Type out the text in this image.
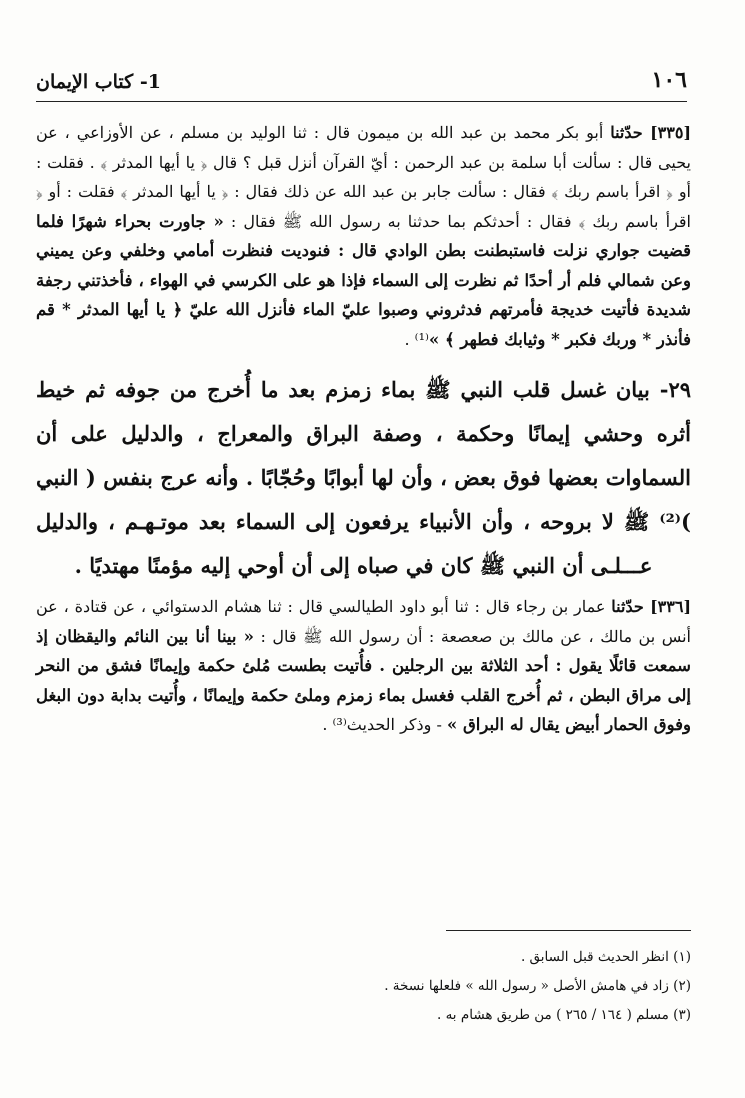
١٠٦
1- كتاب الإيمان

[٣٣٥] حدّثنا أبو بكر محمد بن عبد الله بن ميمون قال : ثنا الوليد بن مسلم ، عن الأوزاعي ، عن يحيى قال : سألت أبا سلمة بن عبد الرحمن : أيّ القرآن أنزل قبل ؟ قال ﴿ يا أيها المدثر ﴾ . فقلت : أو ﴿ اقرأ باسم ربك ﴾ فقال : سألت جابر بن عبد الله عن ذلك فقال : ﴿ يا أيها المدثر ﴾ فقلت : أو ﴿ اقرأ باسم ربك ﴾ فقال : أحدثكم بما حدثنا به رسول الله ﷺ فقال : « جاورت بحراء شهرًا فلما قضيت جواري نزلت فاستبطنت بطن الوادي قال : فنوديت فنظرت أمامي وخلفي وعن يميني وعن شمالي فلم أر أحدًا ثم نظرت إلى السماء فإذا هو على الكرسي في الهواء ، فأخذتني رجفة شديدة فأتيت خديجة فأمرتهم فدثروني وصبوا عليّ الماء فأنزل الله عليّ ﴿ يا أيها المدثر * قم فأنذر * وربك فكبر * وثيابك فطهر ﴾ »⁽¹⁾ .

٢٩- بيان غسل قلب النبي ﷺ بماء زمزم بعد ما أُخرج من جوفه ثم خيط أثره وحشي إيمانًا وحكمة ، وصفة البراق والمعراج ، والدليل على أن السماوات بعضها فوق بعض ، وأن لها أبوابًا وحُجّابًا . وأنه عرج بنفس ( النبي )⁽²⁾ ﷺ لا بروحه ، وأن الأنبياء يرفعون إلى السماء بعد موتـهـم ، والدليل عـــلـى أن النبي ﷺ كان في صباه إلى أن أوحي إليه مؤمنًا مهتديًا .

[٣٣٦] حدّثنا عمار بن رجاء قال : ثنا أبو داود الطيالسي قال : ثنا هشام الدستوائي ، عن قتادة ، عن أنس بن مالك ، عن مالك بن صعصعة : أن رسول الله ﷺ قال : « بينا أنا بين النائم واليقظان إذ سمعت قائلًا يقول : أحد الثلاثة بين الرجلين . فأُتيت بطست مُلئ حكمة وإيمانًا فشق من النحر إلى مراق البطن ، ثم أُخرج القلب فغسل بماء زمزم وملئ حكمة وإيمانًا ، وأُتيت بدابة دون البغل وفوق الحمار أبيض يقال له البراق » - وذكر الحديث⁽³⁾ .

(١) انظر الحديث قبل السابق .

(٢) زاد في هامش الأصل « رسول الله » فلعلها نسخة .

(٣) مسلم ( ١٦٤ / ٢٦٥ ) من طريق هشام به .
